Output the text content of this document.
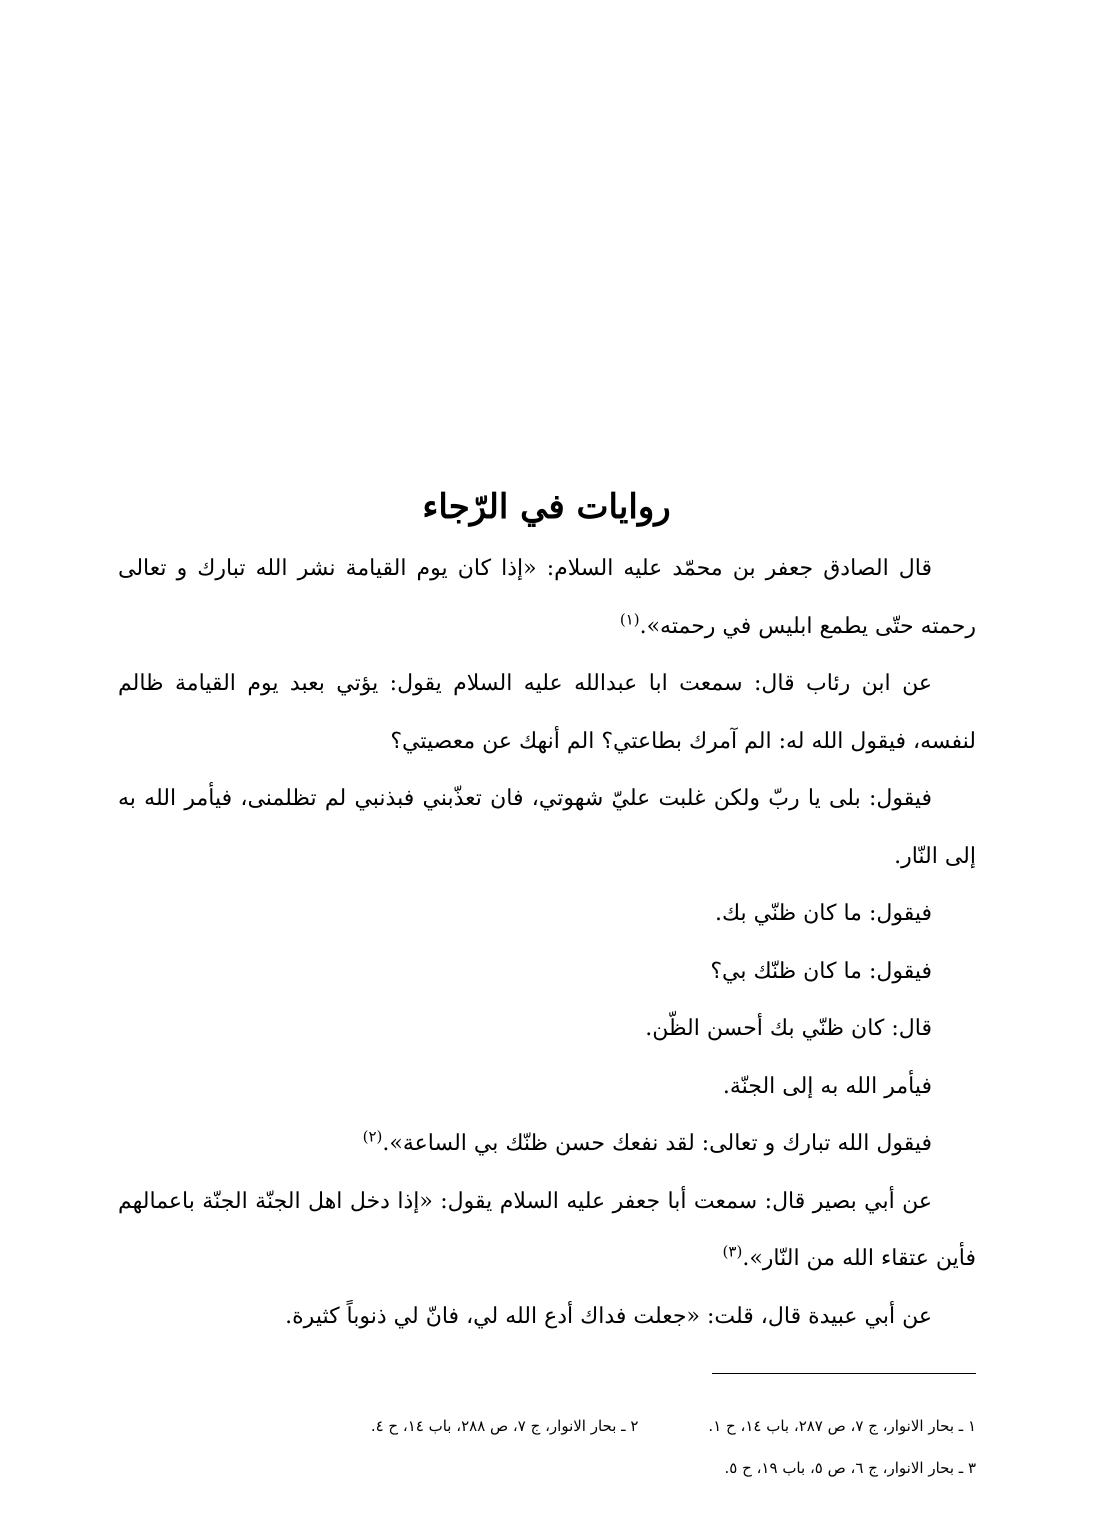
روايات في الرّجاء

قال الصادق جعفر بن محمّد عليه السلام: «إذا كان يوم القيامة نشر الله تبارك و تعالى رحمته حتّى يطمع ابليس في رحمته».$^{(١)}$

عن ابن رئاب قال: سمعت ابا عبدالله عليه السلام يقول: يؤتي بعبد يوم القيامة ظالم لنفسه، فيقول الله له: الم آمرك بطاعتي؟ الم أنهك عن معصيتي؟

فيقول: بلى يا ربّ ولكن غلبت عليّ شهوتي، فان تعذّبني فبذنبي لم تظلمنى، فيأمر الله به إلى النّار.

فيقول: ما كان ظنّي بك.

فيقول: ما كان ظنّك بي؟

قال: كان ظنّي بك أحسن الظّن.

فيأمر الله به إلى الجنّة.

فيقول الله تبارك و تعالى: لقد نفعك حسن ظنّك بي الساعة».$^{(٢)}$

عن أبي بصير قال: سمعت أبا جعفر عليه السلام يقول: «إذا دخل اهل الجنّة الجنّة باعمالهم فأين عتقاء الله من النّار».$^{(٣)}$

عن أبي عبيدة قال، قلت: «جعلت فداك أدع الله لي، فانّ لي ذنوباً كثيرة.

١ ـ بحار الانوار، ج ٧، ص ٢٨٧، باب ١٤، ح ١.
٢ ـ بحار الانوار، ج ٧، ص ٢٨٨، باب ١٤، ح ٤.
٣ ـ بحار الانوار، ج ٦، ص ٥، باب ١٩، ح ٥.
